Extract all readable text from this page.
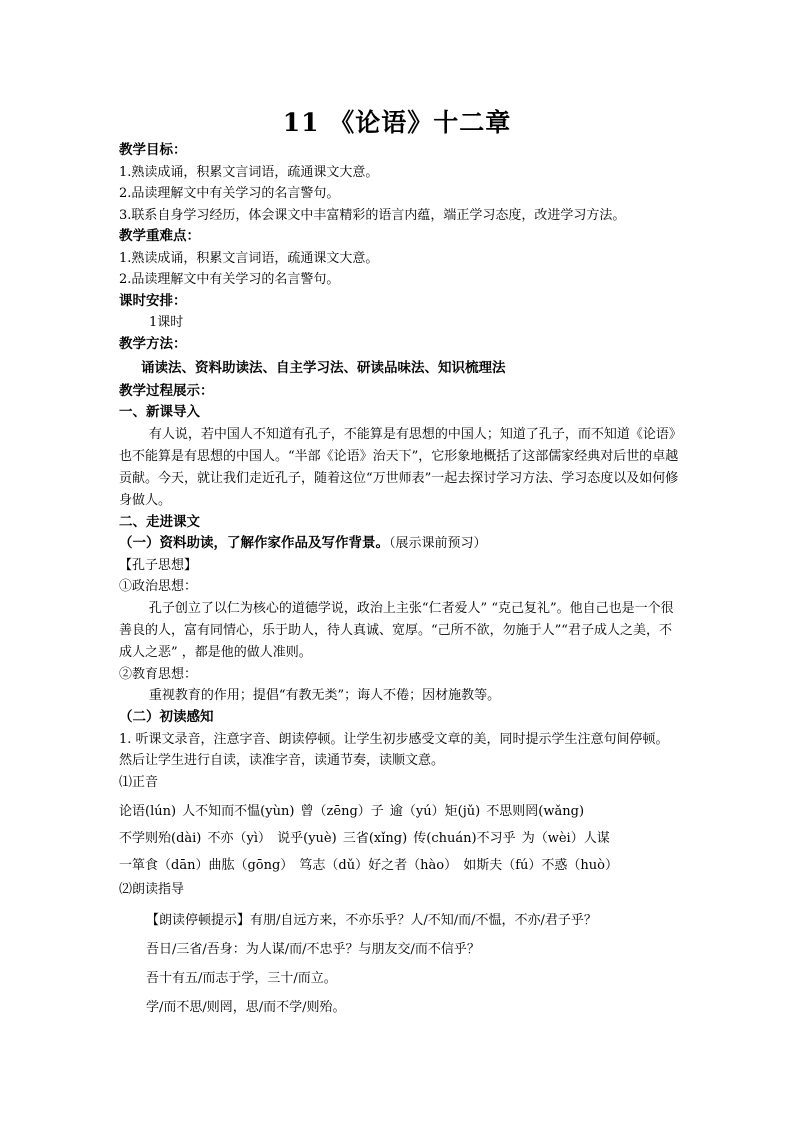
11 《论语》十二章

教学目标：

1.熟读成诵，积累文言词语，疏通课文大意。

2.品读理解文中有关学习的名言警句。

3.联系自身学习经历，体会课文中丰富精彩的语言内蕴，端正学习态度，改进学习方法。

教学重难点：

1.熟读成诵，积累文言词语，疏通课文大意。

2.品读理解文中有关学习的名言警句。

课时安排：

1课时

教学方法：

诵读法、资料助读法、自主学习法、研读品味法、知识梳理法

教学过程展示：

一、新课导入

有人说，若中国人不知道有孔子，不能算是有思想的中国人；知道了孔子，而不知道《论语》也不能算是有思想的中国人。“半部《论语》治天下”，它形象地概括了这部儒家经典对后世的卓越贡献。今天，就让我们走近孔子，随着这位“万世师表”一起去探讨学习方法、学习态度以及如何修身做人。

二、走进课文

（一）资料助读，了解作家作品及写作背景。（展示课前预习）

【孔子思想】

①政治思想：

孔子创立了以仁为核心的道德学说，政治上主张“仁者爱人” “克己复礼”。他自己也是一个很善良的人，富有同情心，乐于助人，待人真诚、宽厚。“己所不欲，勿施于人”“君子成人之美，不成人之恶” ，都是他的做人准则。

②教育思想：

重视教育的作用；提倡“有教无类”；诲人不倦；因材施教等。

（二）初读感知

1. 听课文录音，注意字音、朗读停顿。让学生初步感受文章的美，同时提示学生注意句间停顿。然后让学生进行自读，读准字音，读通节奏，读顺文意。

⑴正音

论语(lún) 人不知而不愠(yùn) 曾（zēng）子 逾（yú）矩(jǔ) 不思则罔(wǎng)

不学则殆(dài) 不亦（yì） 说乎(yuè) 三省(xǐng) 传(chuán)不习乎 为（wèi）人谋

一箪食（dān）曲肱（gōng） 笃志（dǔ）好之者（hào） 如斯夫（fú）不惑（huò）

⑵朗读指导

【朗读停顿提示】有朋/自远方来，不亦乐乎？人/不知/而/不愠，不亦/君子乎？

吾日/三省/吾身：为人谋/而/不忠乎？与朋友交/而不信乎？

吾十有五/而志于学，三十/而立。

学/而不思/则罔，思/而不学/则殆。
